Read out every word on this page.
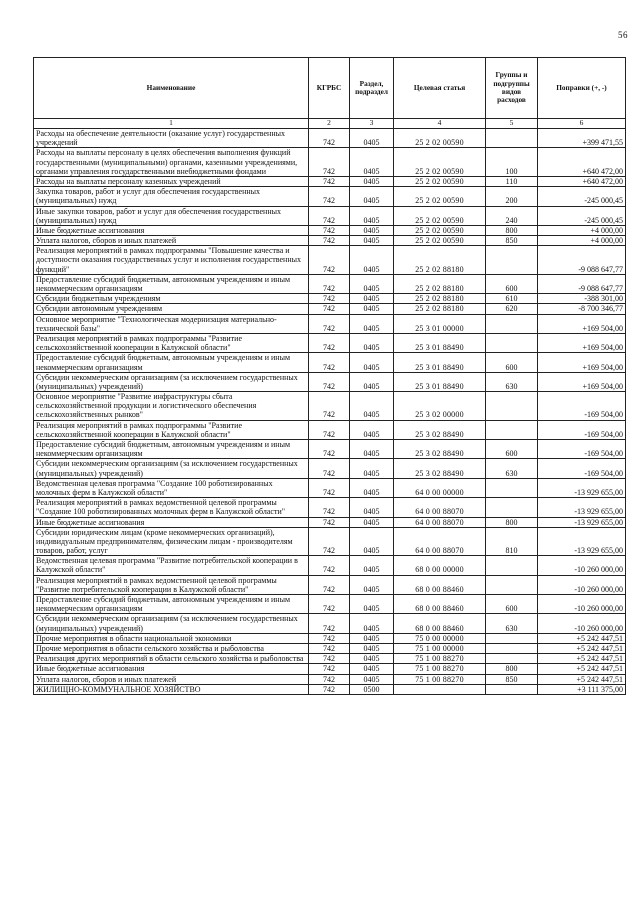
56
Наименование	КГРБС	Раздел, подраздел	Целевая статья	Группы и подгруппы видов расходов	Поправки (+, -)
1	2	3	4	5	6
Расходы на обеспечение деятельности (оказание услуг) государственных учреждений	742	0405	25 2 02 00590		+399 471,55
Расходы на выплаты персоналу в целях обеспечения выполнения функций государственными (муниципальными) органами, казенными учреждениями, органами управления государственными внебюджетными фондами	742	0405	25 2 02 00590	100	+640 472,00
Расходы на выплаты персоналу казенных учреждений	742	0405	25 2 02 00590	110	+640 472,00
Закупка товаров, работ и услуг для обеспечения государственных (муниципальных) нужд	742	0405	25 2 02 00590	200	-245 000,45
Иные закупки товаров, работ и услуг для обеспечения государственных (муниципальных) нужд	742	0405	25 2 02 00590	240	-245 000,45
Иные бюджетные ассигнования	742	0405	25 2 02 00590	800	+4 000,00
Уплата налогов, сборов и иных платежей	742	0405	25 2 02 00590	850	+4 000,00
Реализация мероприятий в рамках подпрограммы "Повышение качества и доступности оказания государственных услуг и исполнения государственных функций"	742	0405	25 2 02 88180		-9 088 647,77
Предоставление субсидий бюджетным, автономным учреждениям и иным некоммерческим организациям	742	0405	25 2 02 88180	600	-9 088 647,77
Субсидии бюджетным учреждениям	742	0405	25 2 02 88180	610	-388 301,00
Субсидии автономным учреждениям	742	0405	25 2 02 88180	620	-8 700 346,77
Основное мероприятие "Технологическая модернизация материально-технической базы"	742	0405	25 3 01 00000		+169 504,00
Реализация мероприятий в рамках подпрограммы "Развитие сельскохозяйственной кооперации в Калужской области"	742	0405	25 3 01 88490		+169 504,00
Предоставление субсидий бюджетным, автономным учреждениям и иным некоммерческим организациям	742	0405	25 3 01 88490	600	+169 504,00
Субсидии некоммерческим организациям (за исключением государственных (муниципальных) учреждений)	742	0405	25 3 01 88490	630	+169 504,00
Основное мероприятие "Развитие инфраструктуры сбыта сельскохозяйственной продукции и логистического обеспечения сельскохозяйственных рынков"	742	0405	25 3 02 00000		-169 504,00
Реализация мероприятий в рамках подпрограммы "Развитие сельскохозяйственной кооперации в Калужской области"	742	0405	25 3 02 88490		-169 504,00
Предоставление субсидий бюджетным, автономным учреждениям и иным некоммерческим организациям	742	0405	25 3 02 88490	600	-169 504,00
Субсидии некоммерческим организациям (за исключением государственных (муниципальных) учреждений)	742	0405	25 3 02 88490	630	-169 504,00
Ведомственная целевая программа "Создание 100 роботизированных молочных ферм в Калужской области"	742	0405	64 0 00 00000		-13 929 655,00
Реализация мероприятий в рамках ведомственной целевой программы "Создание 100 роботизированных молочных ферм в Калужской области"	742	0405	64 0 00 88070		-13 929 655,00
Иные бюджетные ассигнования	742	0405	64 0 00 88070	800	-13 929 655,00
Субсидии юридическим лицам (кроме некоммерческих организаций), индивидуальным предпринимателям, физическим лицам - производителям товаров, работ, услуг	742	0405	64 0 00 88070	810	-13 929 655,00
Ведомственная целевая программа "Развитие потребительской кооперации в Калужской области"	742	0405	68 0 00 00000		-10 260 000,00
Реализация мероприятий в рамках ведомственной целевой программы "Развитие потребительской кооперации в Калужской области"	742	0405	68 0 00 88460		-10 260 000,00
Предоставление субсидий бюджетным, автономным учреждениям и иным некоммерческим организациям	742	0405	68 0 00 88460	600	-10 260 000,00
Субсидии некоммерческим организациям (за исключением государственных (муниципальных) учреждений)	742	0405	68 0 00 88460	630	-10 260 000,00
Прочие мероприятия в области национальной экономики	742	0405	75 0 00 00000		+5 242 447,51
Прочие мероприятия в области сельского хозяйства и рыболовства	742	0405	75 1 00 00000		+5 242 447,51
Реализация других мероприятий в области сельского хозяйства и рыболовства	742	0405	75 1 00 88270		+5 242 447,51
Иные бюджетные ассигнования	742	0405	75 1 00 88270	800	+5 242 447,51
Уплата налогов, сборов и иных платежей	742	0405	75 1 00 88270	850	+5 242 447,51
ЖИЛИЩНО-КОММУНАЛЬНОЕ ХОЗЯЙСТВО	742	0500			+3 111 375,00
